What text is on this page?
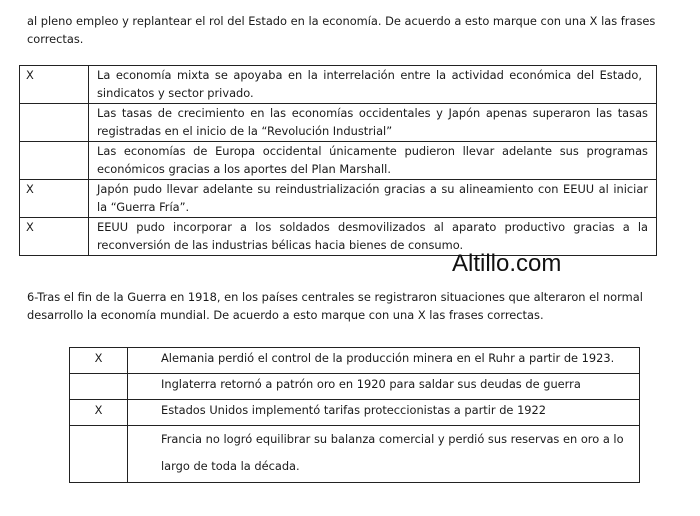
al pleno empleo y replantear el rol del Estado en la economía. De acuerdo a esto marque con una X las frases correctas.

X	La economía mixta se apoyaba en la interrelación entre la actividad económica del Estado, sindicatos y sector privado.
	Las tasas de crecimiento en las economías occidentales y Japón apenas superaron las tasas registradas en el inicio de la “Revolución Industrial”
	Las economías de Europa occidental únicamente pudieron llevar adelante sus programas económicos gracias a los aportes del Plan Marshall.
X	Japón pudo llevar adelante su reindustrialización gracias a su alineamiento con EEUU al iniciar la “Guerra Fría”.
X	EEUU pudo incorporar a los soldados desmovilizados al aparato productivo gracias a la reconversión de las industrias bélicas hacia bienes de consumo.
Altillo.com

6-Tras el fin de la Guerra en 1918, en los países centrales se registraron situaciones que alteraron el normal desarrollo la economía mundial. De acuerdo a esto marque con una X las frases correctas.

X	Alemania perdió el control de la producción minera en el Ruhr a partir de 1923.
	Inglaterra retornó a patrón oro en 1920 para saldar sus deudas de guerra
X	Estados Unidos implementó tarifas proteccionistas a partir de 1922
	Francia no logró equilibrar su balanza comercial y perdió sus reservas en oro a lo largo de toda la década.
